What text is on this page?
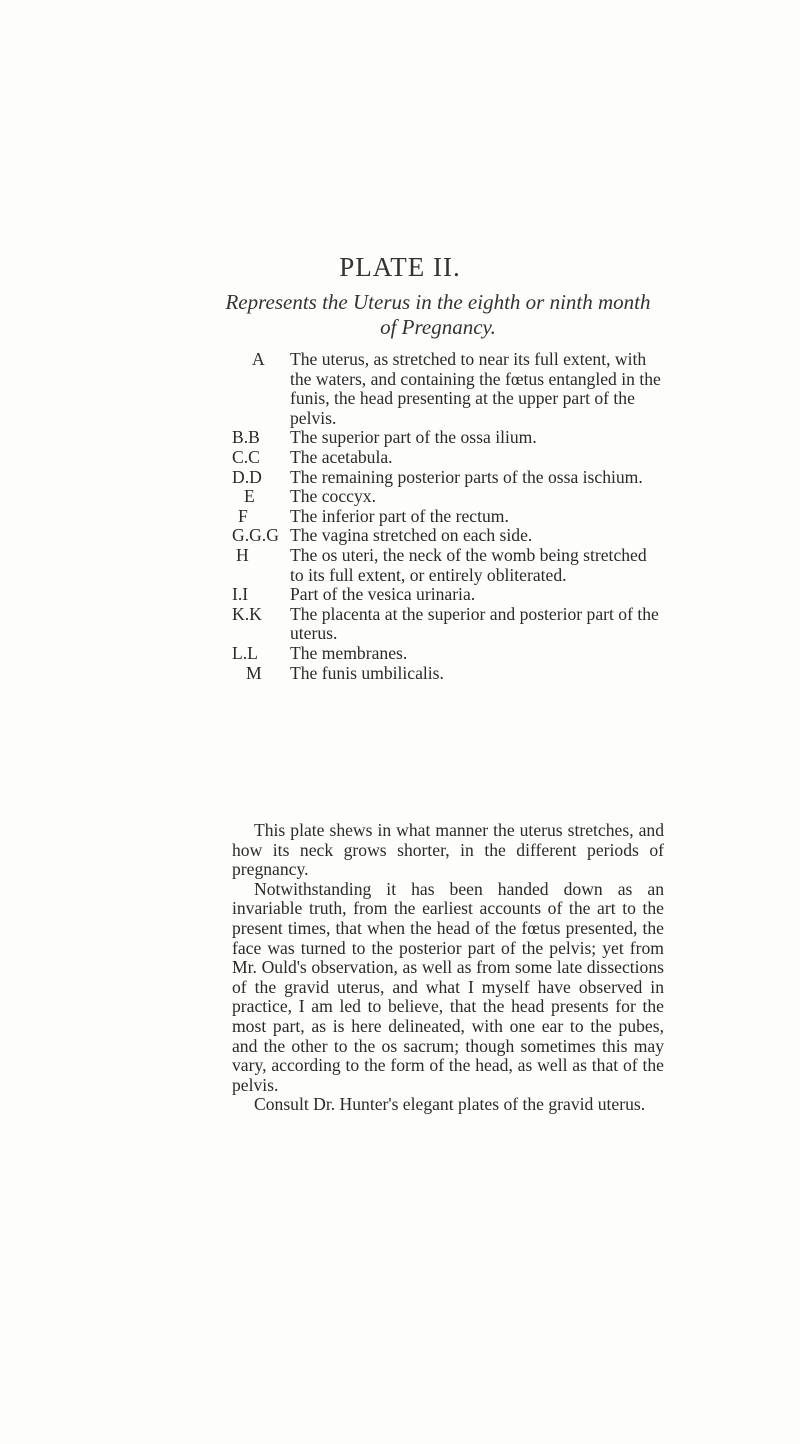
PLATE II.
Represents the Uterus in the eighth or ninth month of Pregnancy.
A	The uterus, as stretched to near its full extent, with the waters, and containing the fœtus entangled in the funis, the head presenting at the upper part of the pelvis.
B.B	The superior part of the ossa ilium.
C.C	The acetabula.
D.D	The remaining posterior parts of the ossa ischium.
E	The coccyx.
F	The inferior part of the rectum.
G.G.G The vagina stretched on each side.
H	The os uteri, the neck of the womb being stretched to its full extent, or entirely obliterated.
I.I	Part of the vesica urinaria.
K.K	The placenta at the superior and posterior part of the uterus.
L.L	The membranes.
M	The funis umbilicalis.

This plate shews in what manner the uterus stretches, and how its neck grows shorter, in the different periods of pregnancy.

Notwithstanding it has been handed down as an invariable truth, from the earliest accounts of the art to the present times, that when the head of the fœtus presented, the face was turned to the posterior part of the pelvis; yet from Mr. Ould's observation, as well as from some late dissections of the gravid uterus, and what I myself have observed in practice, I am led to believe, that the head presents for the most part, as is here delineated, with one ear to the pubes, and the other to the os sacrum; though sometimes this may vary, according to the form of the head, as well as that of the pelvis.

Consult Dr. Hunter's elegant plates of the gravid uterus.
